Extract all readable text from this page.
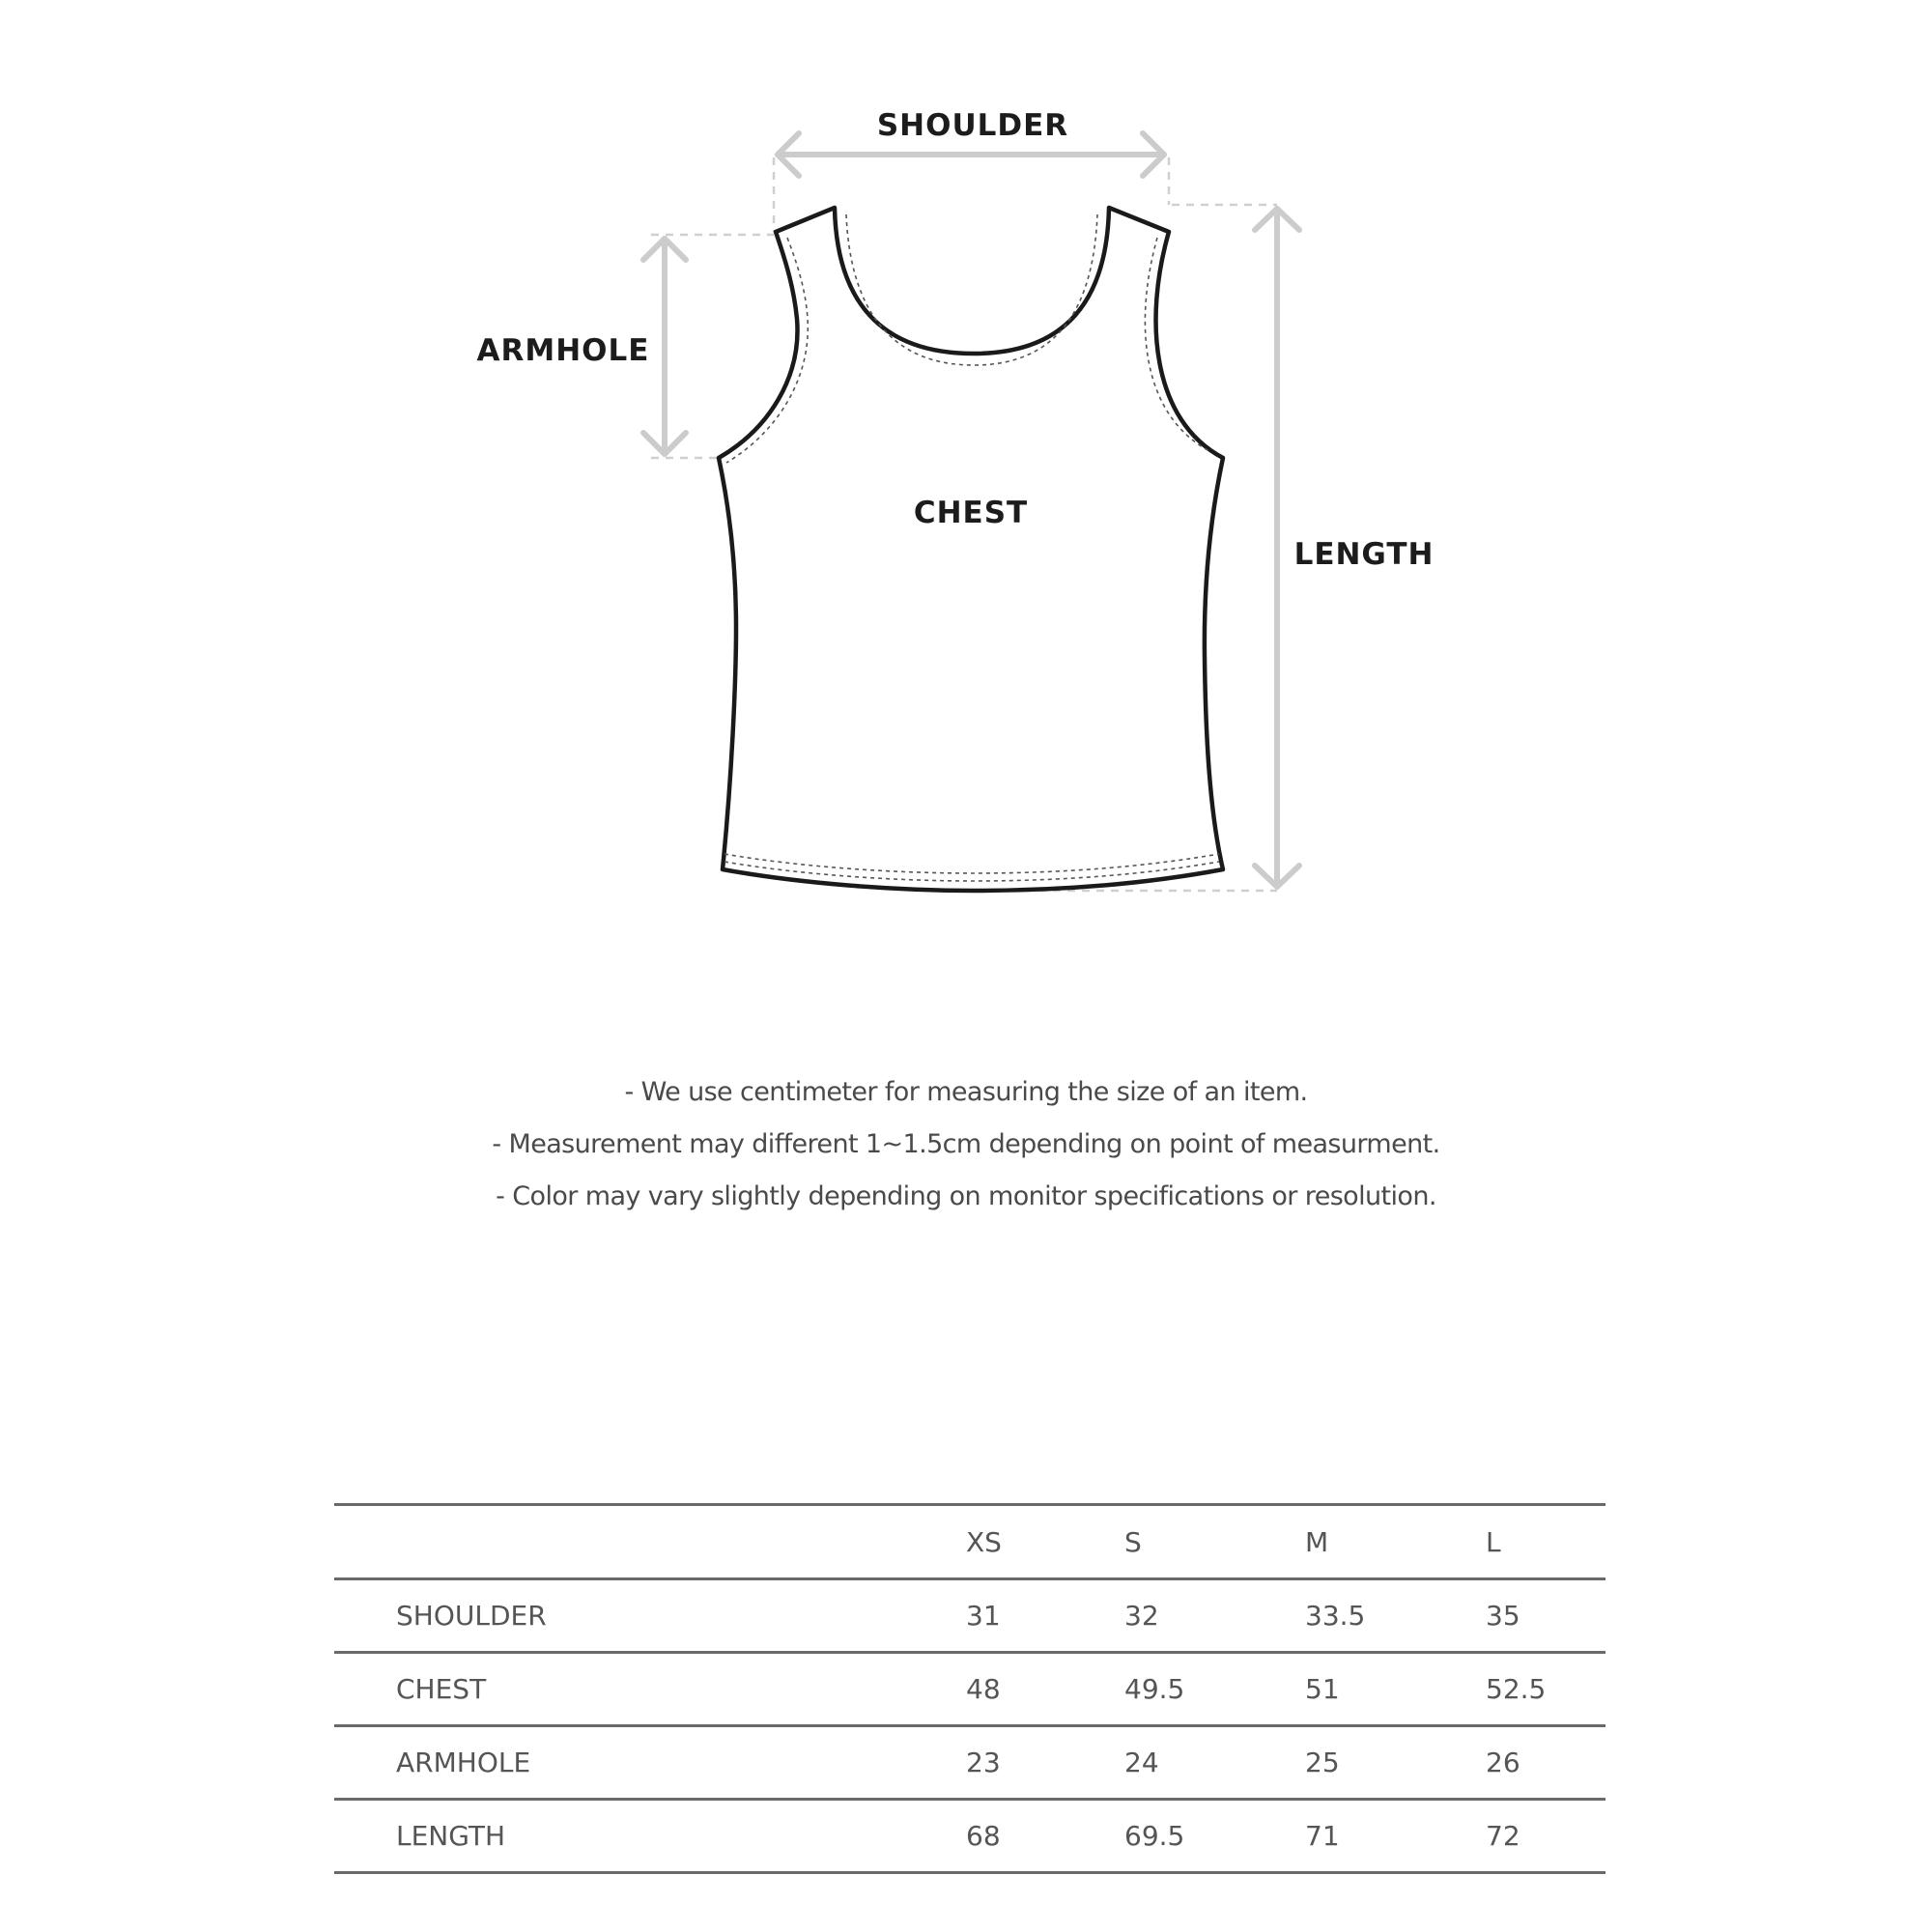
SHOULDER
ARMHOLE
CHEST
LENGTH
- We use centimeter for measuring the size of an item.
- Measurement may different 1~1.5cm depending on point of measurment.
- Color may vary slightly depending on monitor specifications or resolution.
	XS	S	M	L
SHOULDER	31	32	33.5	35
CHEST	48	49.5	51	52.5
ARMHOLE	23	24	25	26
LENGTH	68	69.5	71	72
